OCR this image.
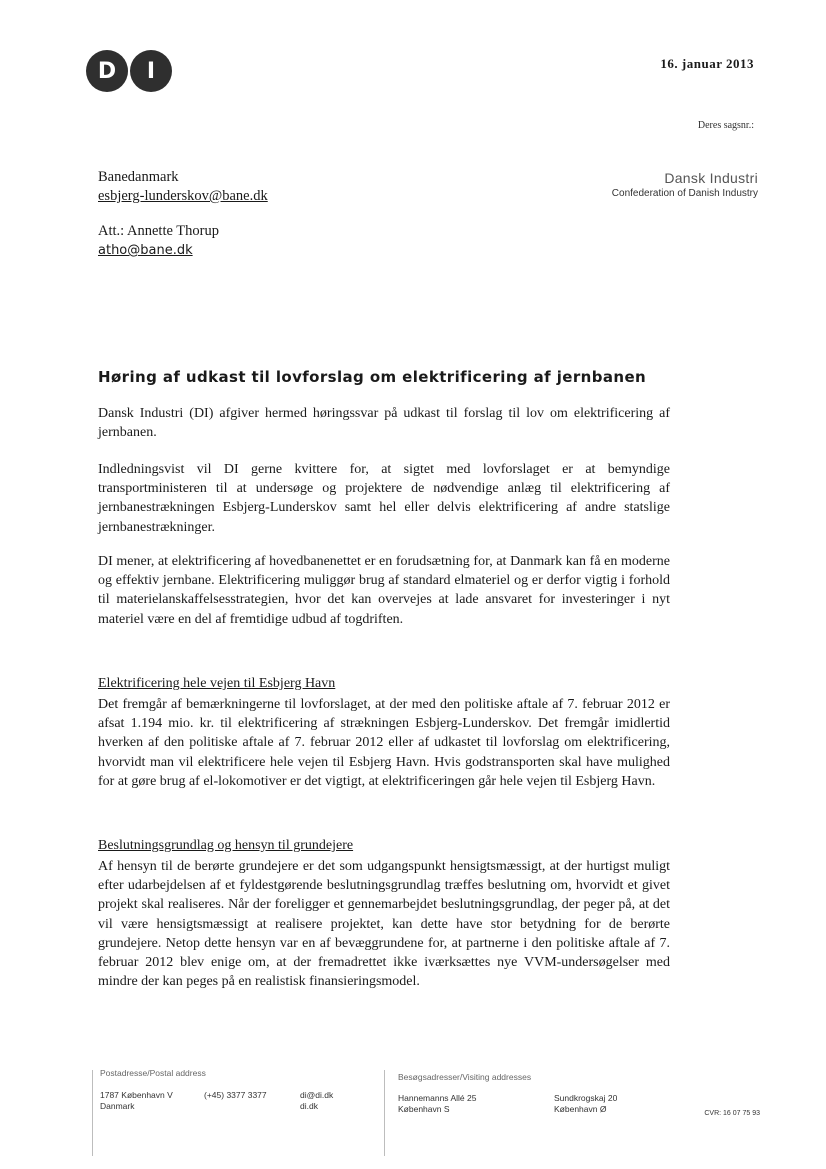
D	I	16. januar 2013
Deres sagsnr.:
Banedanmark
esbjerg-lunderskov@bane.dk
Att.: Annette Thorup
atho@bane.dk
Dansk Industri
Confederation of Danish Industry
Høring af udkast til lovforslag om elektrificering af jernbanen
Dansk Industri (DI) afgiver hermed høringssvar på udkast til forslag til lov om elektrificering af jernbanen.
Indledningsvist vil DI gerne kvittere for, at sigtet med lovforslaget er at bemyndige transportministeren til at undersøge og projektere de nødvendige anlæg til elektrificering af jernbanestrækningen Esbjerg-Lunderskov samt hel eller delvis elektrificering af andre statslige jernbanestrækninger.
DI mener, at elektrificering af hovedbanenettet er en forudsætning for, at Danmark kan få en moderne og effektiv jernbane. Elektrificering muliggør brug af standard elmateriel og er derfor vigtig i forhold til materielanskaffelsesstrategien, hvor det kan overvejes at lade ansvaret for investeringer i nyt materiel være en del af fremtidige udbud af togdriften.
Elektrificering hele vejen til Esbjerg Havn
Det fremgår af bemærkningerne til lovforslaget, at der med den politiske aftale af 7. februar 2012 er afsat 1.194 mio. kr. til elektrificering af strækningen Esbjerg-Lunderskov. Det fremgår imidlertid hverken af den politiske aftale af 7. februar 2012 eller af udkastet til lovforslag om elektrificering, hvorvidt man vil elektrificere hele vejen til Esbjerg Havn. Hvis godstransporten skal have mulighed for at gøre brug af el-lokomotiver er det vigtigt, at elektrificeringen går hele vejen til Esbjerg Havn.
Beslutningsgrundlag og hensyn til grundejere
Af hensyn til de berørte grundejere er det som udgangspunkt hensigtsmæssigt, at der hurtigst muligt efter udarbejdelsen af et fyldestgørende beslutningsgrundlag træffes beslutning om, hvorvidt et givet projekt skal realiseres. Når der foreligger et gennemarbejdet beslutningsgrundlag, der peger på, at det vil være hensigtsmæssigt at realisere projektet, kan dette have stor betydning for de berørte grundejere. Netop dette hensyn var en af bevæggrundene for, at partnerne i den politiske aftale af 7. februar 2012 blev enige om, at der fremadrettet ikke iværksættes nye VVM-undersøgelser med mindre der kan peges på en realistisk finansieringsmodel.
Postadresse/Postal address
1787 København V
Danmark
(+45) 3377 3377	di@di.dk
di.dk
Besøgsadresser/Visiting addresses
Hannemanns Allé 25
København S
Sundkrogskaj 20
København Ø	CVR: 16 07 75 93
